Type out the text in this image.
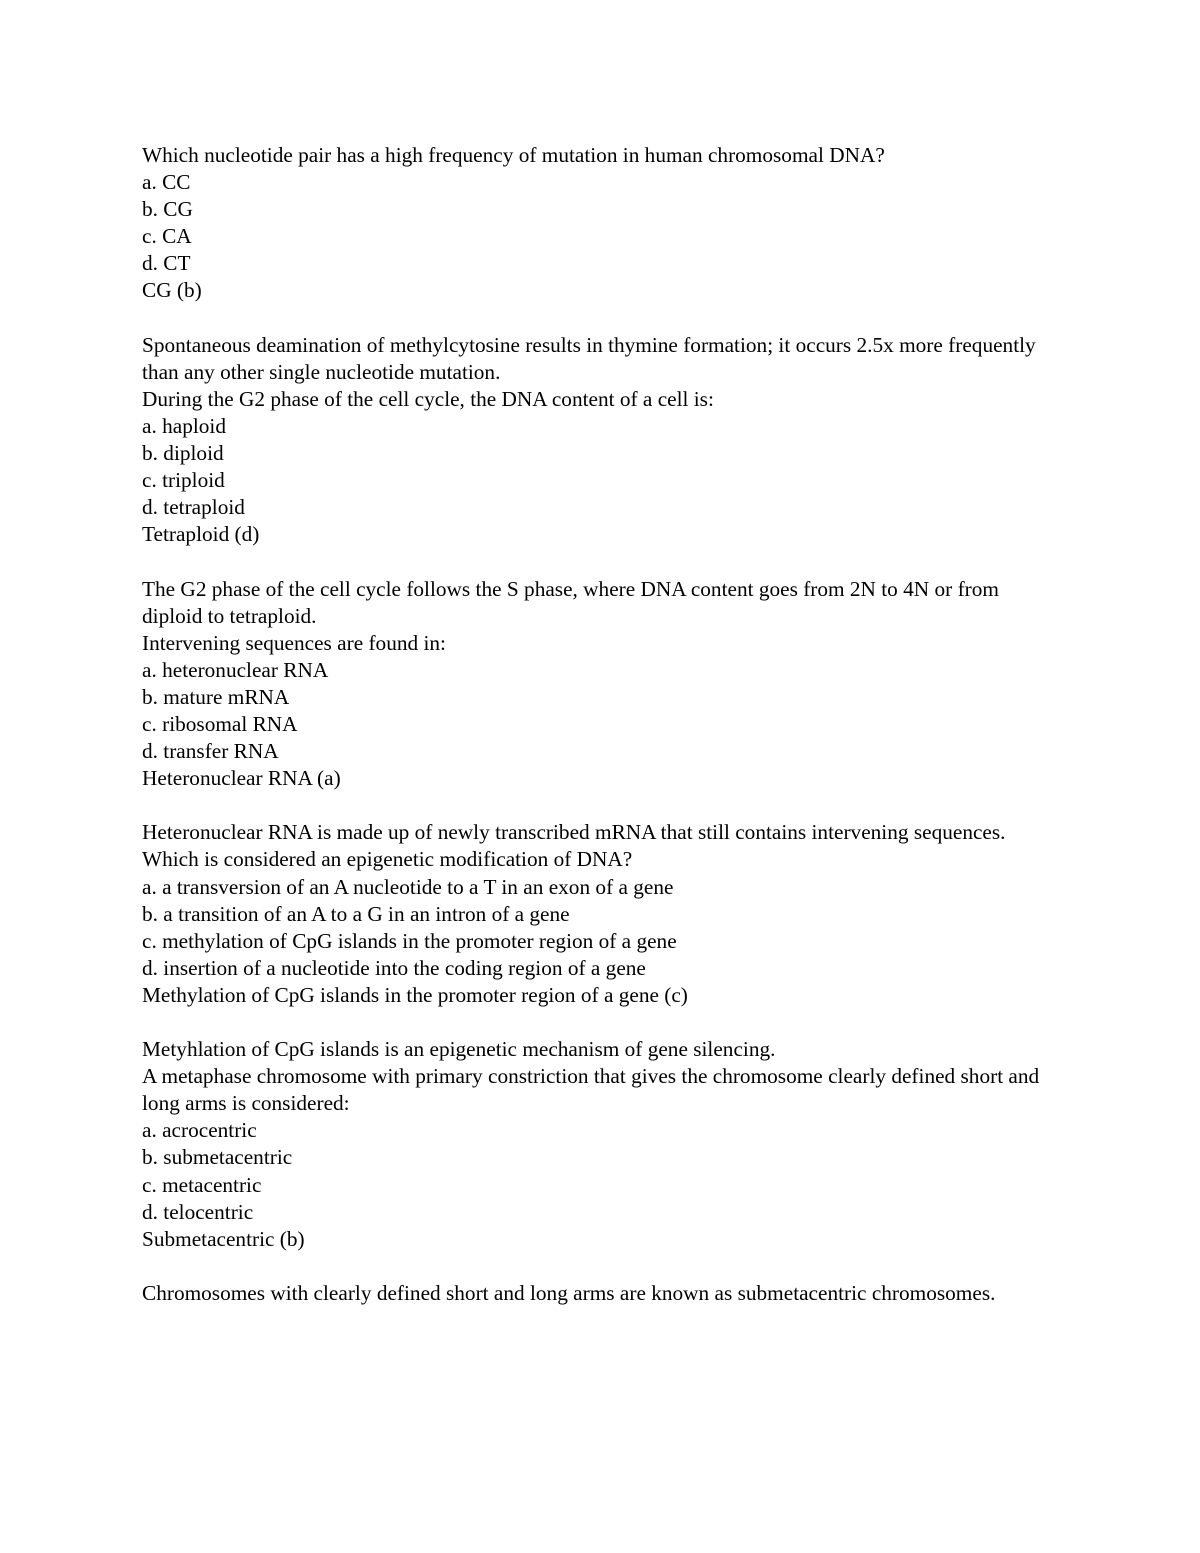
Which nucleotide pair has a high frequency of mutation in human chromosomal DNA?

a. CC

b. CG

c. CA

d. CT

CG (b)

Spontaneous deamination of methylcytosine results in thymine formation; it occurs 2.5x more frequently than any other single nucleotide mutation.

During the G2 phase of the cell cycle, the DNA content of a cell is:

a. haploid

b. diploid

c. triploid

d. tetraploid

Tetraploid (d)

The G2 phase of the cell cycle follows the S phase, where DNA content goes from 2N to 4N or from diploid to tetraploid.

Intervening sequences are found in:

a. heteronuclear RNA

b. mature mRNA

c. ribosomal RNA

d. transfer RNA

Heteronuclear RNA (a)

Heteronuclear RNA is made up of newly transcribed mRNA that still contains intervening sequences.

Which is considered an epigenetic modification of DNA?

a. a transversion of an A nucleotide to a T in an exon of a gene

b. a transition of an A to a G in an intron of a gene

c. methylation of CpG islands in the promoter region of a gene

d. insertion of a nucleotide into the coding region of a gene

Methylation of CpG islands in the promoter region of a gene (c)

Metyhlation of CpG islands is an epigenetic mechanism of gene silencing.

A metaphase chromosome with primary constriction that gives the chromosome clearly defined short and long arms is considered:

a. acrocentric

b. submetacentric

c. metacentric

d. telocentric

Submetacentric (b)

Chromosomes with clearly defined short and long arms are known as submetacentric chromosomes.
